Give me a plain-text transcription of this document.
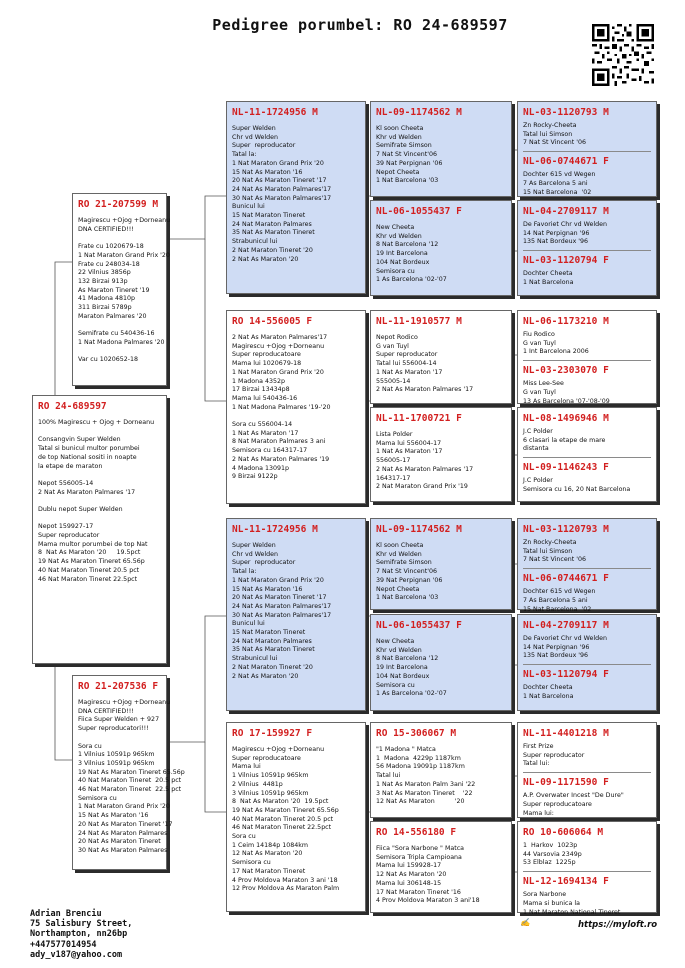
Pedigree porumbel: RO 24-689597
RO 24-689597
100% Magirescu + Ojog + Dorneanu
Consangvin Super Welden
Tatal si bunicul multor porumbei
de top National sositi in noapte
la etape de maraton
Nepot 556005-14
2 Nat As Maraton Palmares '17
Dublu nepot Super Welden
Nepot 159927-17
Super reproducator
Mama multor porumbei de top Nat
8  Nat As Maraton '20     19.5pct
19 Nat As Maraton Tineret 65.56p
40 Nat Maraton Tineret 20.5 pct
46 Nat Maraton Tineret 22.5pct
RO 21-207599 M
Magirescu +Ojog +Dorneanu
DNA CERTIFIED!!!
Frate cu 1020679-18
1 Nat Maraton Grand Prix '20
Frate cu 248034-18
22 Vilnius 3856p
132 Birzai 913p
As Maraton Tineret '19
41 Madona 4810p
311 Birzai 5789p
Maraton Palmares '20
Semifrate cu 540436-16
1 Nat Madona Palmares '20
Var cu 1020652-18
RO 21-207536 F
Magirescu +Ojog +Dorneanu
DNA CERTIFIED!!!
Fiica Super Welden + 927
Super reproducatori!!!
Sora cu
1 Vilnius 10591p 965km
3 Vilnius 10591p 965km
19 Nat As Maraton Tineret 65.56p
40 Nat Maraton Tineret  20.5 pct
46 Nat Maraton Tineret  22.5 pct
Semisora cu
1 Nat Maraton Grand Prix '20
15 Nat As Maraton '16
20 Nat As Maraton Tineret '17
24 Nat As Maraton Palmares
20 Nat As Maraton Tineret
30 Nat As Maraton Palmares
NL-11-1724956 M
Super Welden
Chr vd Welden
Super  reproducator
Tatal la:
1 Nat Maraton Grand Prix '20
15 Nat As Maraton '16
20 Nat As Maraton Tineret '17
24 Nat As Maraton Palmares'17
30 Nat As Maraton Palmares'17
Bunicul lui
15 Nat Maraton Tineret
24 Nat Maraton Palmares
35 Nat As Maraton Tineret
Strabunicul lui
2 Nat Maraton Tineret '20
2 Nat As Maraton '20
RO 14-556005 F
2 Nat As Maraton Palmares'17
Magirescu +Ojog +Dorneanu
Super reproducatoare
Mama lui 1020679-18
1 Nat Maraton Grand Prix '20
1 Madona 4352p
17 Birzai 13434p8
Mama lui 540436-16
1 Nat Madona Palmares '19-'20
Sora cu 556004-14
1 Nat As Maraton '17
8 Nat Maraton Palmares 3 ani
Semisora cu 164317-17
2 Nat As Maraton Palmares '19
4 Madona 13091p
9 Birzai 9122p
NL-11-1724956 M
Super Welden
Chr vd Welden
Super  reproducator
Tatal la:
1 Nat Maraton Grand Prix '20
15 Nat As Maraton '16
20 Nat As Maraton Tineret '17
24 Nat As Maraton Palmares'17
30 Nat As Maraton Palmares'17
Bunicul lui
15 Nat Maraton Tineret
24 Nat Maraton Palmares
35 Nat As Maraton Tineret
Strabunicul lui
2 Nat Maraton Tineret '20
2 Nat As Maraton '20
RO 17-159927 F
Magirescu +Ojog +Dorneanu
Super reproducatoare
Mama lui
1 Vilnius 10591p 965km
2 Vilnius  4481p
3 Vilnius 10591p 965km
8  Nat As Maraton '20  19.5pct
19 Nat As Maraton Tineret 65.56p
40 Nat Maraton Tineret 20.5 pct
46 Nat Maraton Tineret 22.5pct
Sora cu
1 Ceim 14184p 1084km
12 Nat As Maraton '20
Semisora cu
17 Nat Maraton Tineret
4 Prov Moldova Maraton 3 ani '18
12 Prov Moldova As Maraton Palm
NL-09-1174562 M
Kl soon Cheeta
Khr vd Welden
Semifrate Simson
7 Nat St Vincent'06
39 Nat Perpignan '06
Nepot Cheeta
1 Nat Barcelona '03
NL-06-1055437 F
New Cheeta
Khr vd Welden
8 Nat Barcelona '12
19 Int Barcelona
104 Nat Bordeux
Semisora cu
1 As Barcelona '02-'07
NL-11-1910577 M
Nepot Rodico
G van Tuyl
Super reproducator
Tatal lui 556004-14
1 Nat As Maraton '17
555005-14
2 Nat As Maraton Palmares '17
NL-11-1700721 F
Lista Polder
Mama lui 556004-17
1 Nat As Maraton '17
556005-17
2 Nat As Maraton Palmares '17
164317-17
2 Nat Maraton Grand Prix '19
NL-09-1174562 M
Kl soon Cheeta
Khr vd Welden
Semifrate Simson
7 Nat St Vincent'06
39 Nat Perpignan '06
Nepot Cheeta
1 Nat Barcelona '03
NL-06-1055437 F
New Cheeta
Khr vd Welden
8 Nat Barcelona '12
19 Int Barcelona
104 Nat Bordeux
Semisora cu
1 As Barcelona '02-'07
RO 15-306067 M
"1 Madona " Matca
1  Madona  4229p 1187km
56 Madona 19091p 1187km
Tatal lui
1 Nat As Maraton Palm 3ani '22
3 Nat As Maraton Tineret    '22
12 Nat As Maraton          '20
RO 14-556180 F
Fiica "Sora Narbone " Matca
Semisora Tripla Campioana
Mama lui 159928-17
12 Nat As Maraton '20
Mama lui 306148-15
17 Nat Maraton Tineret '16
4 Prov Moldova Maraton 3 ani'18
NL-03-1120793 M
Zn Rocky-Cheeta
Tatal lui Simson
7 Nat St Vincent '06
NL-06-0744671 F
Dochter 615 vd Wegen
7 As Barcelona 5 ani
15 Nat Barcelona  '02
NL-04-2709117 M
De Favoriet Chr vd Welden
14 Nat Perpignan '96
135 Nat Bordeux '96
NL-03-1120794 F
Dochter Cheeta
1 Nat Barcelona
NL-06-1173210 M
Fiu Rodico
G van Tuyl
1 Int Barcelona 2006
NL-03-2303070 F
Miss Lee-See
G van Tuyl
13 As Barcelona '07-'08-'09
NL-08-1496946 M
J.C Polder
6 clasari la etape de mare
distanta
NL-09-1146243 F
J.C Polder
Semisora cu 16, 20 Nat Barcelona
NL-03-1120793 M
Zn Rocky-Cheeta
Tatal lui Simson
7 Nat St Vincent '06
NL-06-0744671 F
Dochter 615 vd Wegen
7 As Barcelona 5 ani
15 Nat Barcelona  '02
NL-04-2709117 M
De Favoriet Chr vd Welden
14 Nat Perpignan '96
135 Nat Bordeux '96
NL-03-1120794 F
Dochter Cheeta
1 Nat Barcelona
NL-11-4401218 M
First Prize
Super reproducator
Tatal lui:
NL-09-1171590 F
A.P. Overwater Incest "De Dure"
Super reproducatoare
Mama lui:
RO 10-606064 M
1  Harkov  1023p
44 Varsovia 2349p
53 Elblaz  1225p
NL-12-1694134 F
Sora Narbone
Mama si bunica la
1 Nat Maraton National Tineret
Adrian Brenciu
75 Salisbury Street,
Northampton, nn26bp
+447577014954
ady_v187@yahoo.com
✍	https://myloft.ro
